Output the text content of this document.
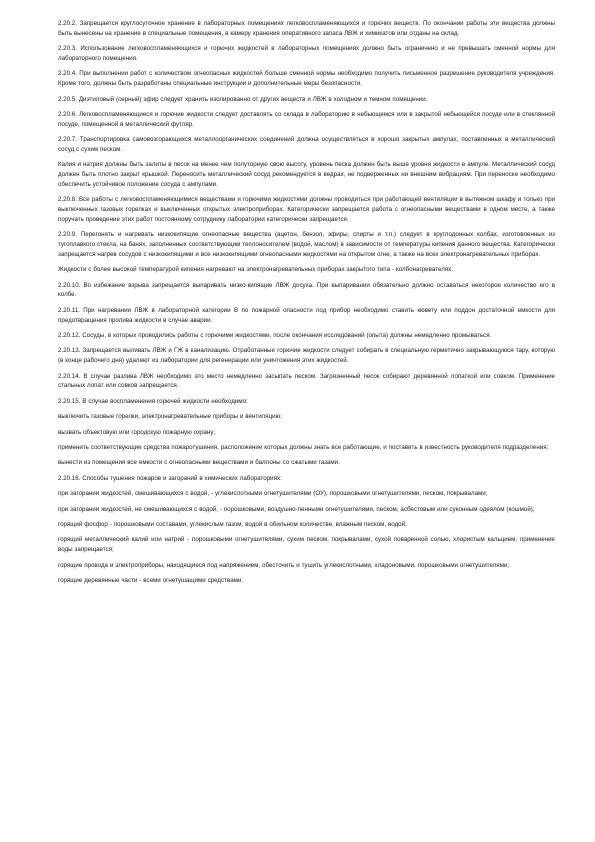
2.20.2. Запрещается круглосуточное хранение в лабораторных помещениях легковоспламеняющихся и горючих веществ. По окончании работы эти вещества должны быть вынесены на хранение в специальные помещения, в камеру хранения оперативного запаса ЛВЖ и химикатов или отданы на склад.

2.20.3. Использование легковоспламеняющихся и горючих жидкостей в лабораторных помещениях должно быть ограничено и не превышать сменной нормы для лабораторного помещения.

2.20.4. При выполнении работ с количеством огнеопасных жидкостей больше сменной нормы необходимо получить письменное разрешение руководителя учреждения. Кроме того, должны быть разработаны специальные инструкции и дополнительные меры безопасности.

2.20.5. Диэтиловый (серный) эфир следует хранить изолированно от других веществ и ЛВЖ в холодном и темном помещении.

2.20.6. Легковоспламеняющиеся и горючие жидкости следует доставлять со склада в лабораторию в небьющемся или в закрытой небьющейся посуде или в стеклянной посуде, помещенной в металлический футляр.

2.20.7. Транспортировка самовозгорающихся металлоорганических соединений должна осуществляться в хорошо закрытых ампулах, поставленных в металлический сосуд с сухим песком.

Калия и натрия должны быть залиты в песок на менее чем полуторную свою высоту, уровень песка должен быть выше уровня жидкости в ампуле. Металлический сосуд должен быть плотно закрыт крышкой. Переносить металлический сосуд рекомендуется в ведрах, не подверженных ни внешним вибрациям. При переноске необходимо обеспечить устойчивое положение сосуда с ампулами.

2.20.8. Все работы с легковоспламеняющимися веществами и горючими жидкостями должны проводиться при работающей вентиляции в вытяжном шкафу и только при выключенных газовых горелках и выключенных открытых электроприборах. Категорически запрещается работа с огнеопасными веществами в одном месте, а также поручать проведение этих работ постоянному сотруднику лаборатории категорически запрещается.

2.20.9. Перегонять и нагревать низкокипящие огнеопасные вещества (ацетон, бензол, эфиры, спирты и т.п.) следует в круглодонных колбах, изготовленных из тугоплавкого стекла, на банях, заполненных соответствующим теплоносителем (водой, маслом) в зависимости от температуры кипения данного вещества. Категорически запрещается нагрев сосудов с низкокипящими и все низкокипящими огнеопасными жидкостями на открытом огне, а также на всех электронагревательных приборах.

Жидкости с более высокой температурой кипения нагревают на электронагревательных приборах закрытого типа - колбонагревателях.

2.20.10. Во избежание взрыва запрещается выпаривать низко-кипящие ЛВЖ досуха. При выпаривании обязательно должно оставаться некоторое количество его в колбе.

2.20.11. При нагревании ЛВЖ в лабораторной категории В по пожарной опасности под прибор необходимо ставить кювету или поддон достаточной емкости для предотвращения пролива жидкости в случае аварии.

2.20.12. Сосуды, в которых проводились работы с горючими жидкостями, после окончания исследований (опыта) должны немедленно промываться.

2.20.13. Запрещается выливать ЛВЖ и ГЖ в канализацию. Отработанные горючие жидкости следует собирать в специальную герметично закрывающуюся тару, которую (в конце рабочего дня) удаляют из лаборатории для регенерации или уничтожения этих жидкостей.

2.20.14. В случае разлива ЛВЖ необходимо это место немедленно засыпать песком. Загрязненный песок собирают деревянной лопаткой или совком. Применение стальных лопат или совков запрещается.

2.20.15. В случае воспламенения горючей жидкости необходимо:

выключить газовые горелки, электронагревательные приборы и вентиляцию;

вызвать объектовую или городскую пожарную охрану;

применить соответствующие средства пожаротушения, расположение которых должны знать все работающие, и поставить в известность руководителя подразделения;

вынести из помещения все емкости с огнеопасными веществами и баллоны со сжатыми газами.

2.20.16. Способы тушения пожаров и загораний в химических лабораториях:

при загорании жидкостей, смешивающихся с водой, - углекислотными огнетушителями (ОУ), порошковыми огнетушителями, песком, покрывалами;

при загорании жидкостей, не смешивающихся с водой, - порошковыми, воздушно-пенными огнетушителями, песком, асбестовым или суконным одеялом (кошмой);

горящий фосфор - порошковыми составами, углекислым газом, водой в обильном количестве, влажным песком, водой;

горящий металлический калий или натрий - порошковыми огнетушителями, сухим песком, покрывалами, сухой поваренной солью, хлористым кальцием, применение воды запрещается;

горящие провода и электроприборы, находящиеся под напряжением, обесточить и тушить углекислотными, хладоновыми, порошковыми огнетушителями;

горящие деревянные части - всеми огнетушащими средствами.
